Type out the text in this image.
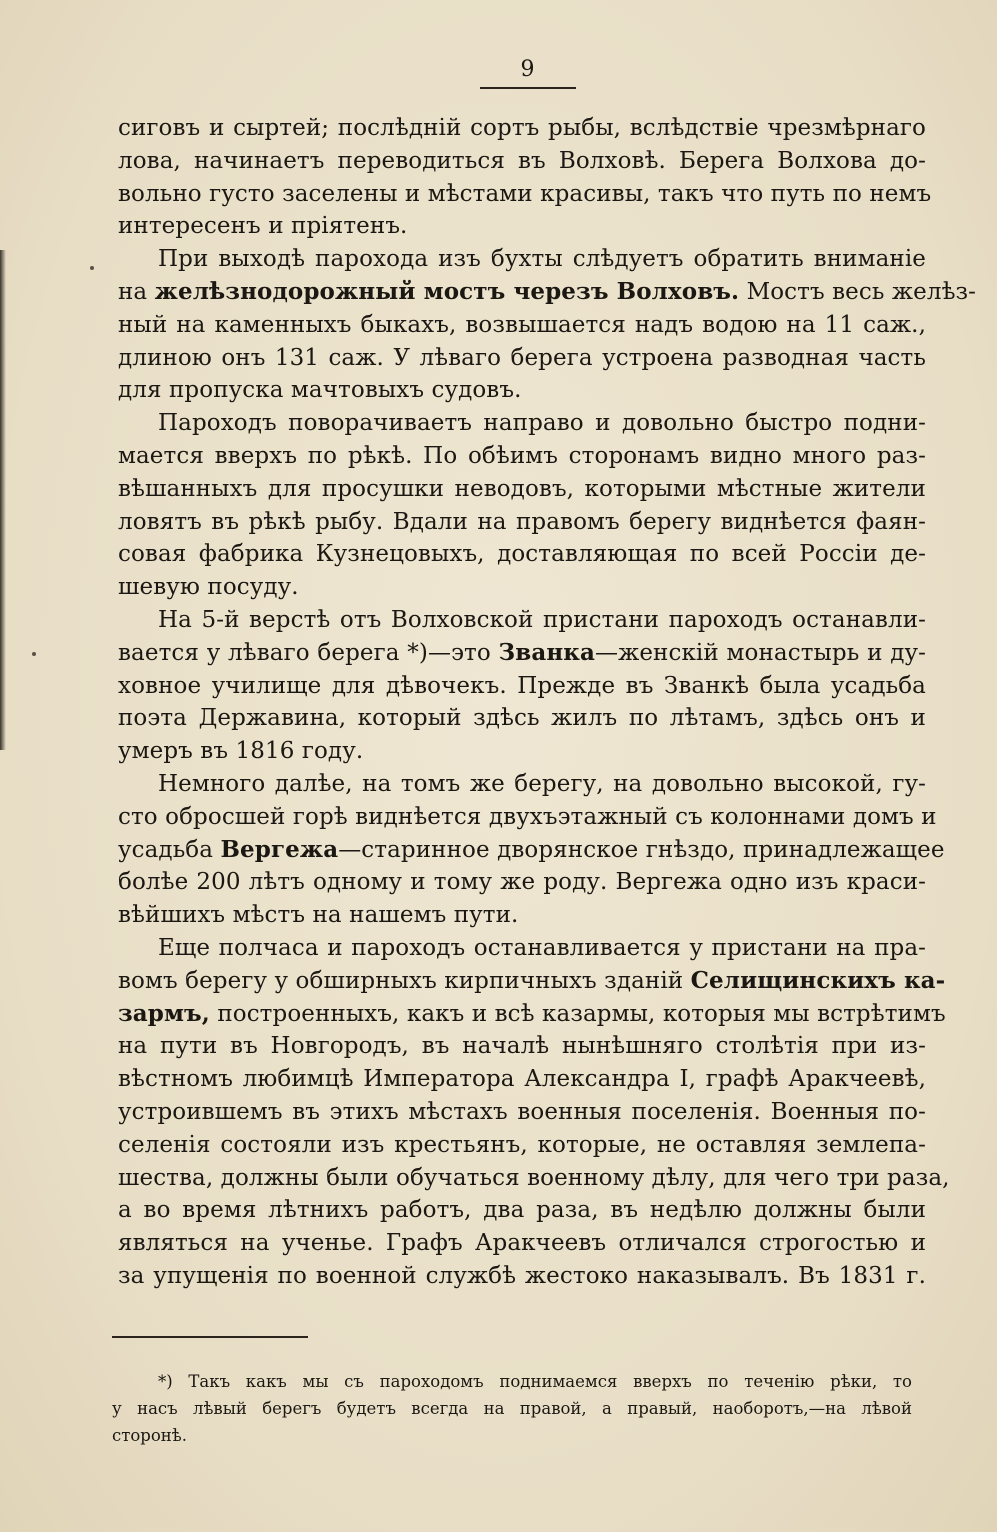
9
сиговъ и сыртей; послѣдній сортъ рыбы, вслѣдствіе чрезмѣрнаго
лова, начинаетъ переводиться въ Волховѣ. Берега Волхова до-
вольно густо заселены и мѣстами красивы, такъ что путь по немъ
интересенъ и пріятенъ.
При выходѣ парохода изъ бухты слѣдуетъ обратить вниманіе
на желѣзнодорожный мостъ черезъ Волховъ. Мостъ весь желѣз-
ный на каменныхъ быкахъ, возвышается надъ водою на 11 саж.,
длиною онъ 131 саж. У лѣваго берега устроена разводная часть
для пропуска мачтовыхъ судовъ.
Пароходъ поворачиваетъ направо и довольно быстро подни-
мается вверхъ по рѣкѣ. По обѣимъ сторонамъ видно много раз-
вѣшанныхъ для просушки неводовъ, которыми мѣстные жители
ловятъ въ рѣкѣ рыбу. Вдали на правомъ берегу виднѣется фаян-
совая фабрика Кузнецовыхъ, доставляющая по всей Россіи де-
шевую посуду.
На 5-й верстѣ отъ Волховской пристани пароходъ останавли-
вается у лѣваго берега *)—это Званка—женскій монастырь и ду-
ховное училище для дѣвочекъ. Прежде въ Званкѣ была усадьба
поэта Державина, который здѣсь жилъ по лѣтамъ, здѣсь онъ и
умеръ въ 1816 году.
Немного далѣе, на томъ же берегу, на довольно высокой, гу-
сто обросшей горѣ виднѣется двухъэтажный съ колоннами домъ и
усадьба Вергежа—старинное дворянское гнѣздо, принадлежащее
болѣе 200 лѣтъ одному и тому же роду. Вергежа одно изъ краси-
вѣйшихъ мѣстъ на нашемъ пути.
Еще полчаса и пароходъ останавливается у пристани на пра-
вомъ берегу у обширныхъ кирпичныхъ зданій Селищинскихъ ка-
зармъ, построенныхъ, какъ и всѣ казармы, которыя мы встрѣтимъ
на пути въ Новгородъ, въ началѣ нынѣшняго столѣтія при из-
вѣстномъ любимцѣ Императора Александра I, графѣ Аракчеевѣ,
устроившемъ въ этихъ мѣстахъ военныя поселенія. Военныя по-
селенія состояли изъ крестьянъ, которые, не оставляя землепа-
шества, должны были обучаться военному дѣлу, для чего три раза,
а во время лѣтнихъ работъ, два раза, въ недѣлю должны были
являться на ученье. Графъ Аракчеевъ отличался строгостью и
за упущенія по военной службѣ жестоко наказывалъ. Въ 1831 г.
*) Такъ какъ мы съ пароходомъ поднимаемся вверхъ по теченію рѣки, то
у насъ лѣвый берегъ будетъ всегда на правой, а правый, наоборотъ,—на лѣвой
сторонѣ.
